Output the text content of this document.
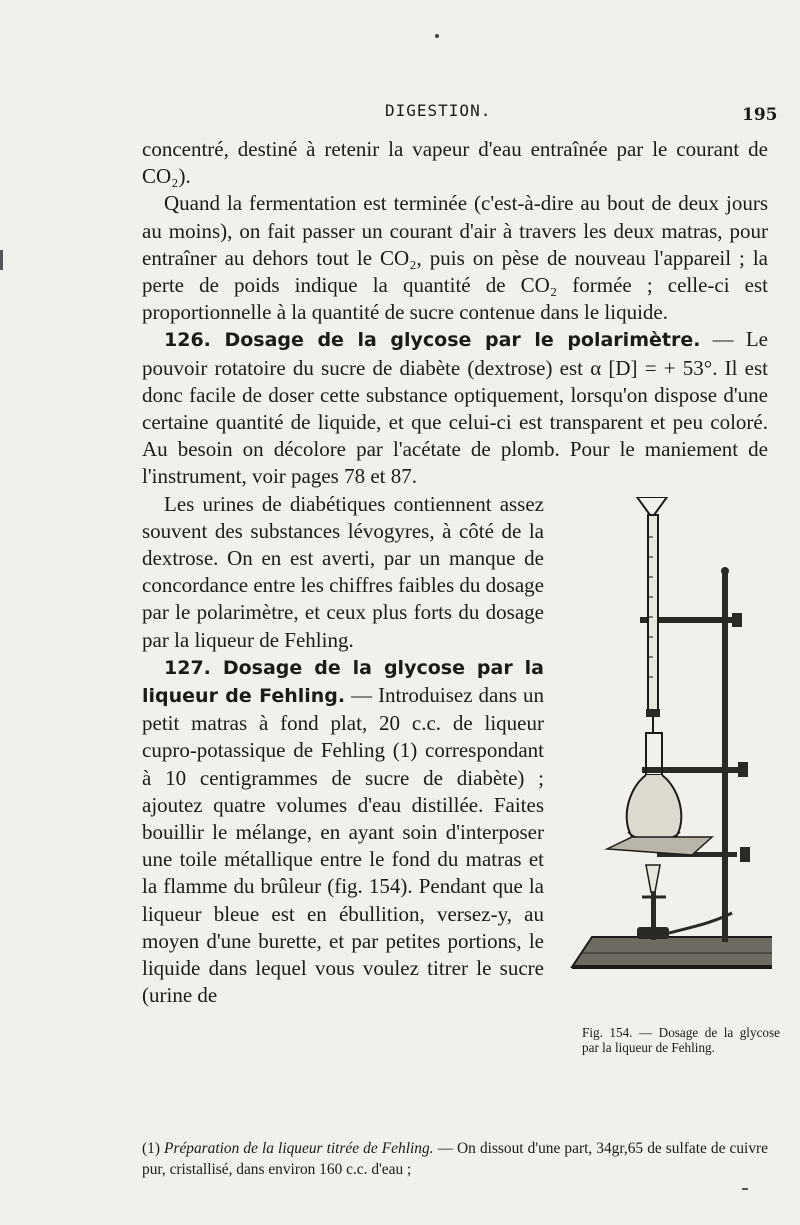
DIGESTION.	195

concentré, destiné à retenir la vapeur d'eau entraînée par le courant de CO₂).

Quand la fermentation est terminée (c'est-à-dire au bout de deux jours au moins), on fait passer un courant d'air à travers les deux matras, pour entraîner au dehors tout le CO₂, puis on pèse de nouveau l'appareil ; la perte de poids indique la quantité de CO₂ formée ; celle-ci est proportionnelle à la quantité de sucre contenue dans le liquide.

126. Dosage de la glycose par le polarimètre. — Le pouvoir rotatoire du sucre de diabète (dextrose) est α [D] = + 53°. Il est donc facile de doser cette substance optiquement, lorsqu'on dispose d'une certaine quantité de liquide, et que celui-ci est transparent et peu coloré. Au besoin on décolore par l'acétate de plomb. Pour le maniement de l'instrument, voir pages 78 et 87.

Fig. 154. — Dosage de la glycose par la liqueur de Fehling.

Les urines de diabétiques contiennent assez souvent des substances lévogyres, à côté de la dextrose. On en est averti, par un manque de concordance entre les chiffres faibles du dosage par le polarimètre, et ceux plus forts du dosage par la liqueur de Fehling.

127. Dosage de la glycose par la liqueur de Fehling. — Introduisez dans un petit matras à fond plat, 20 c.c. de liqueur cupro-potassique de Fehling (1) correspondant à 10 centigrammes de sucre de diabète) ; ajoutez quatre volumes d'eau distillée. Faites bouillir le mélange, en ayant soin d'interposer une toile métallique entre le fond du matras et la flamme du brûleur (fig. 154). Pendant que la liqueur bleue est en ébullition, versez-y, au moyen d'une burette, et par petites portions, le liquide dans lequel vous voulez titrer le sucre (urine de

(1) Préparation de la liqueur titrée de Fehling. — On dissout d'une part, 34gr,65 de sulfate de cuivre pur, cristallisé, dans environ 160 c.c. d'eau ;
